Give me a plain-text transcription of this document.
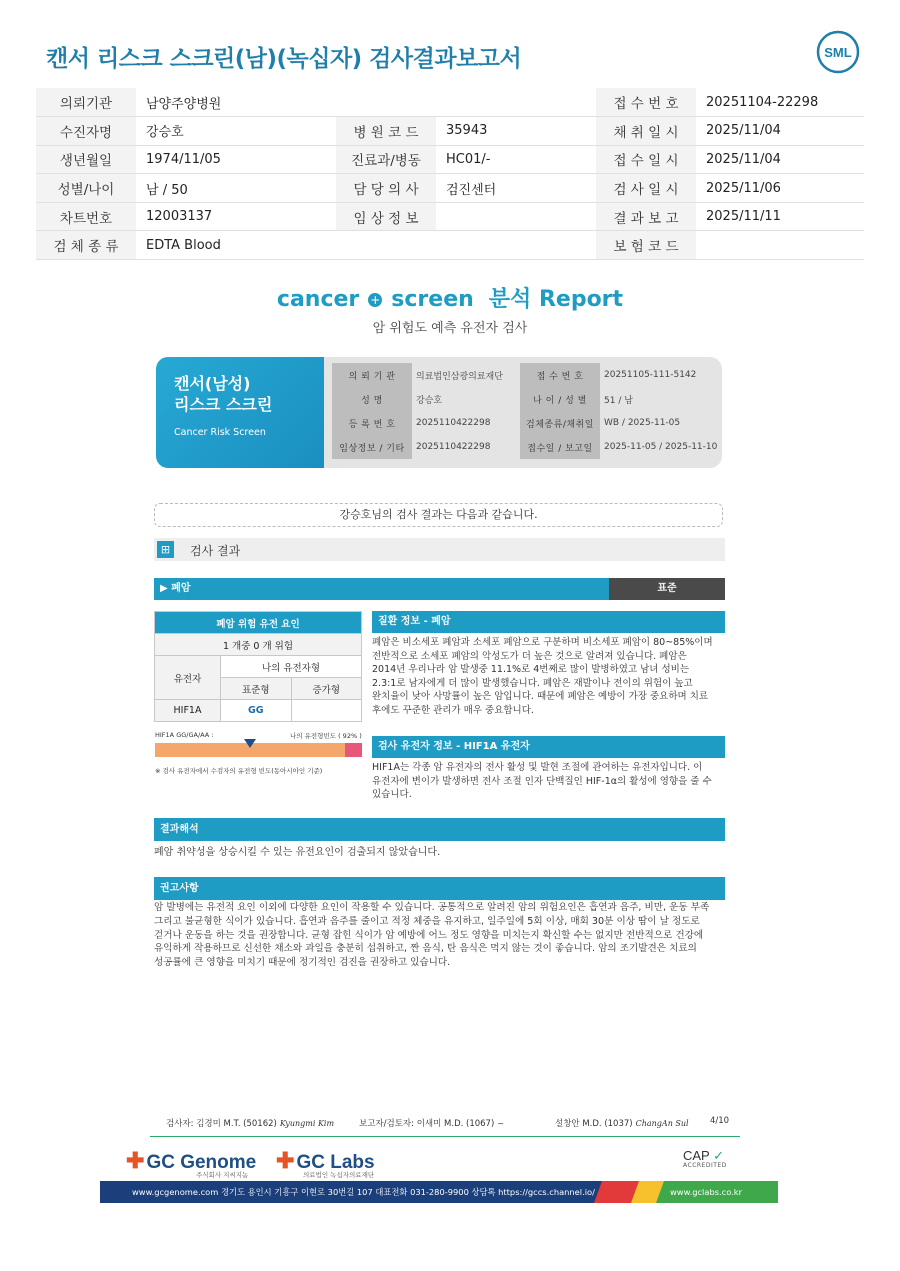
캔서 리스크 스크린(남)(녹십자) 검사결과보고서	SML
의뢰기관	남양주양병원			접 수 번 호	20251104-22298
수진자명	강승호	병 원 코 드	35943	채 취 일 시	2025/11/04
생년월일	1974/11/05	진료과/병동	HC01/-	접 수 일 시	2025/11/04
성별/나이	남 / 50	담 당 의 사	검진센터	검 사 일 시	2025/11/06
차트번호	12003137	임 상 정 보		결 과 보 고	2025/11/11
검 체 종 류	EDTA Blood			보 험 코 드	
cancer + screen 분석 Report
암 위험도 예측 유전자 검사
캔서(남성)
리스크 스크린
Cancer Risk Screen
의 뢰 기 관	의료법인삼광의료재단	접 수 번 호	20251105-111-5142
성 명	강승호	나 이 / 성 별	51 / 남
등 록 번 호	2025110422298	검체종류/채취일	WB / 2025-11-05
임상정보 / 기타	2025110422298	접수일 / 보고일	2025-11-05 / 2025-11-10
강승호님의 검사 결과는 다음과 같습니다.
⊞	검사 결과
▶ 폐암	표준
폐암 위험 유전 요인		
1 개중 0 개 위험		
유전자	나의 유전자형	
	표준형	증가형
HIF1A	GG	
HIF1A GG/GA/AA :	나의 유전형빈도 ( 92% )
※ 검사 유전자에서 수검자의 유전형 빈도(동아시아인 기준)
질환 정보 - 폐암
폐암은 비소세포 폐암과 소세포 폐암으로 구분하며 비소세포 폐암이 80~85%이며 전반적으로 소세포 폐암의 악성도가 더 높은 것으로 알려져 있습니다. 폐암은 2014년 우리나라 암 발생중 11.1%로 4번째로 많이 발병하였고 남녀 성비는 2.3:1로 남자에게 더 많이 발생했습니다. 폐암은 재발이나 전이의 위험이 높고 완치율이 낮아 사망률이 높은 암입니다. 때문에 폐암은 예방이 가장 중요하며 치료 후에도 꾸준한 관리가 매우 중요합니다.
검사 유전자 정보 - HIF1A 유전자
HIF1A는 각종 암 유전자의 전사 활성 및 발현 조절에 관여하는 유전자입니다. 이 유전자에 변이가 발생하면 전사 조절 인자 단백질인 HIF-1α의 활성에 영향을 줄 수 있습니다.
결과해석
폐암 취약성을 상승시킬 수 있는 유전요인이 검출되지 않았습니다.
권고사항
암 발병에는 유전적 요인 이외에 다양한 요인이 작용할 수 있습니다. 공통적으로 알려진 암의 위험요인은 흡연과 음주, 비만, 운동 부족 그리고 불균형한 식이가 있습니다. 흡연과 음주를 줄이고 적정 체중을 유지하고, 일주일에 5회 이상, 매회 30분 이상 땀이 날 정도로 걷거나 운동을 하는 것을 권장합니다. 균형 잡힌 식이가 암 예방에 어느 정도 영향을 미치는지 확신할 수는 없지만 전반적으로 건강에 유익하게 작용하므로 신선한 채소와 과일을 충분히 섭취하고, 짠 음식, 탄 음식은 먹지 않는 것이 좋습니다. 암의 조기발견은 치료의 성공률에 큰 영향을 미치기 때문에 정기적인 검진을 권장하고 있습니다.
검사자: 김경미 M.T. (50162) Kyungmi Kim	보고자/검토자: 이새미 M.D. (1067) ~	설창안 M.D. (1037) ChangAn Sul	4/10
✚ GC Genome
주식회사 지씨지놈
✚ GC Labs
의료법인 녹십자의료재단
CAP ✓
ACCREDITED
www.gcgenome.com 경기도 용인시 기흥구 이현로 30번길 107 대표전화 031-280-9900 상담톡 https://gccs.channel.io/	www.gclabs.co.kr
